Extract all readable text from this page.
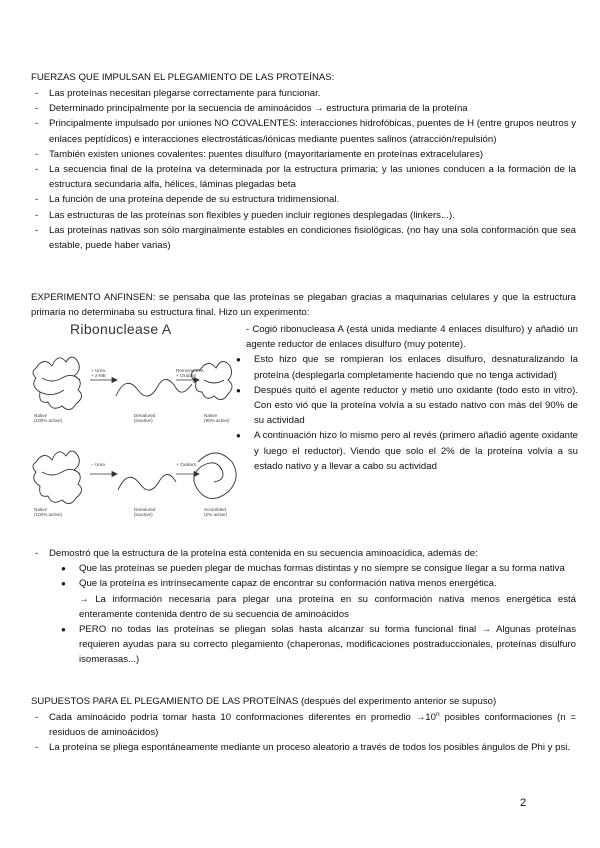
FUERZAS QUE IMPULSAN EL PLEGAMIENTO DE LAS PROTEÍNAS:
- Las proteínas necesitan plegarse correctamente para funcionar.
- Determinado principalmente por la secuencia de aminoácidos → estructura primaria de la proteína
- Principalmente impulsado por uniones NO COVALENTES: interacciones hidrofóbicas, puentes de H (entre grupos neutros y enlaces peptídicos) e interacciones electrostáticas/iónicas mediante puentes salinos (atracción/repulsión)
- También existen uniones covalentes: puentes disulfuro (mayoritariamente en proteínas extracelulares)
- La secuencia final de la proteína va determinada por la estructura primaria; y las uniones conducen a la formación de la estructura secundaria alfa, hélices, láminas plegadas beta
- La función de una proteína depende de su estructura tridimensional.
- Las estructuras de las proteínas son flexibles y pueden incluir regiones desplegadas (linkers...).
- Las proteínas nativas son sólo marginalmente estables en condiciones fisiológicas. (no hay una sola conformación que sea estable, puede haber varias)
EXPERIMENTO ANFINSEN: se pensaba que las proteínas se plegaban gracias a maquinarias celulares y que la estructura primaria no determinaba su estructura final. Hizo un experimento:
Ribonuclease A
+ Urea
+ 2-ME
Remove urea
+ Oxidant
− Urea	+ Oxidant
Native
(100% active)
Denatured
(inactive)
Native
(90% active)
Native
(100% active)
Denatured
(inactive)
Scrambled
(2% active)

- Cogió ribonucleasa A (está unida mediante 4 enlaces disulfuro) y añadió un agente reductor de enlaces disulfuro (muy potente).

● Esto hizo que se rompieran los enlaces disulfuro, desnaturalizando la proteína (desplegarla completamente haciendo que no tenga actividad)
● Después quitó el agente reductor y metió uno oxidante (todo esto in vitro). Con esto vió que la proteína volvía a su estado nativo con más del 90% de su actividad
● A continuación hizo lo mismo pero al revés (primero añadió agente oxidante y luego el reductor). Viendo que solo el 2% de la proteína volvía a su estado nativo y a llevar a cabo su actividad
- Demostró que la estructura de la proteína está contenida en su secuencia aminoacídica, además de:
● Que las proteínas se pueden plegar de muchas formas distintas y no siempre se consigue llegar a su forma nativa
● Que la proteína es intrínsecamente capaz de encontrar su conformación nativa menos energética.
→ La información necesaria para plegar una proteína en su conformación nativa menos energética está enteramente contenida dentro de su secuencia de aminoácidos
● PERO no todas las proteínas se pliegan solas hasta alcanzar su forma funcional final → Algunas proteínas requieren ayudas para su correcto plegamiento (chaperonas, modificaciones postraduccionales, proteínas disulfuro isomerasas...)
SUPUESTOS PARA EL PLEGAMIENTO DE LAS PROTEÍNAS (después del experimento anterior se supuso)
- Cada aminoácido podría tomar hasta 10 conformaciones diferentes en promedio $\to 10^n$ posibles conformaciones (n = residuos de aminoácidos)
- La proteína se pliega espontáneamente mediante un proceso aleatorio a través de todos los posibles ángulos de Phi y psi.
2
